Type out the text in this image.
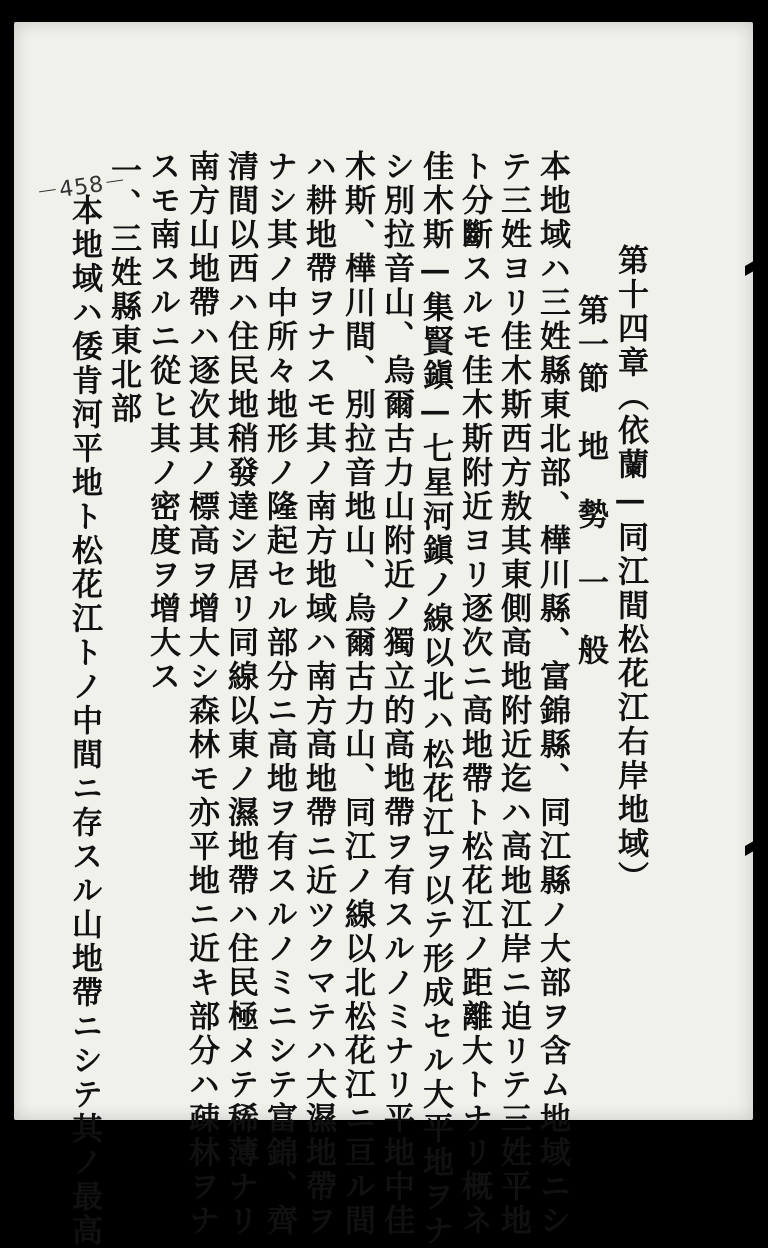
－458－
第十四章（依蘭—同江間松花江右岸地域）
第一節　地　勢　一　般
本地域ハ三姓縣東北部、樺川縣、富錦縣、同江縣ノ大部ヲ含ム地域ニシ
テ三姓ヨリ佳木斯西方敖其東側高地附近迄ハ高地江岸ニ迫リテ三姓平地
ト分斷スルモ佳木斯附近ヨリ逐次ニ高地帶ト松花江ノ距離大トナリ概ネ
佳木斯—集賢鎭—七星河鎭ノ線以北ハ松花江ヲ以テ形成セル大平地ヲナ
シ別拉音山、烏爾古力山附近ノ獨立的高地帶ヲ有スルノミナリ平地中佳
木斯、樺川間、別拉音地山、烏爾古力山、同江ノ線以北松花江ニ亘ル間
ハ耕地帶ヲナスモ其ノ南方地域ハ南方高地帶ニ近ツクマテハ大濕地帶ヲ
ナシ其ノ中所々地形ノ隆起セル部分ニ高地ヲ有スルノミニシテ富錦、齊
清間以西ハ住民地稍發達シ居リ同線以東ノ濕地帶ハ住民極メテ稀薄ナリ
南方山地帶ハ逐次其ノ標高ヲ增大シ森林モ亦平地ニ近キ部分ハ疎林ヲナ
スモ南スルニ從ヒ其ノ密度ヲ增大ス
一、三姓縣東北部
本地域ハ倭肯河平地ト松花江トノ中間ニ存スル山地帶ニシテ其ノ最高
